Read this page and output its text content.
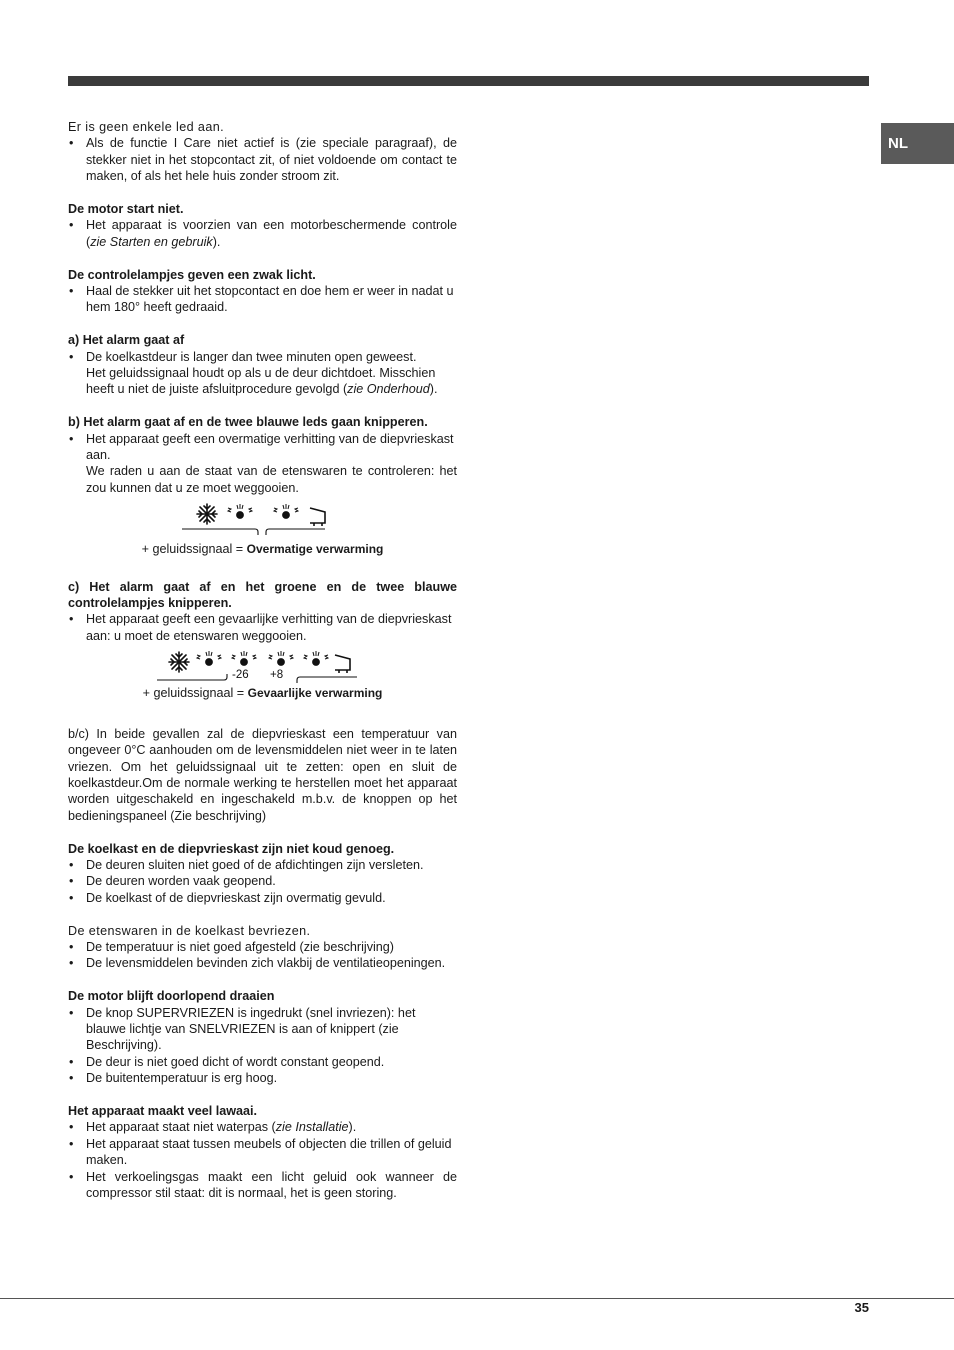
NL
Er is geen enkele led aan.
• Als de functie I Care niet actief is (zie speciale paragraaf), de stekker niet in het stopcontact zit, of niet voldoende om contact te maken, of als het hele huis zonder stroom zit.
De motor start niet.
• Het apparaat is voorzien van een motorbeschermende controle (zie Starten en gebruik).
De controlelampjes geven een zwak licht.
• Haal de stekker uit het stopcontact en doe hem er weer in nadat u hem 180° heeft gedraaid.
a) Het alarm gaat af
• De koelkastdeur is langer dan twee minuten open geweest.
Het geluidssignaal houdt op als u de deur dichtdoet. Misschien heeft u niet de juiste afsluitprocedure gevolgd (zie Onderhoud).
b) Het alarm gaat af en de twee blauwe leds gaan knipperen.
• Het apparaat geeft een overmatige verhitting van de diepvrieskast aan.
We raden u aan de staat van de etenswaren te controleren: het zou kunnen dat u ze moet weggooien.
+ geluidssignaal = Overmatige verwarming
c) Het alarm gaat af en het groene en de twee blauwe controlelampjes knipperen.
• Het apparaat geeft een gevaarlijke verhitting van de diepvrieskast aan: u moet de etenswaren weggooien.
-26 +8
+ geluidssignaal = Gevaarlijke verwarming
b/c) In beide gevallen zal de diepvrieskast een temperatuur van ongeveer 0°C aanhouden om de levensmiddelen niet weer in te laten vriezen. Om het geluidssignaal uit te zetten: open en sluit de koelkastdeur.Om de normale werking te herstellen moet het apparaat worden uitgeschakeld en ingeschakeld m.b.v. de knoppen op het bedieningspaneel (Zie beschrijving)
De koelkast en de diepvrieskast zijn niet koud genoeg.
• De deuren sluiten niet goed of de afdichtingen zijn versleten.
• De deuren worden vaak geopend.
• De koelkast of de diepvrieskast zijn overmatig gevuld.
De etenswaren in de koelkast bevriezen.
• De temperatuur is niet goed afgesteld (zie beschrijving)
• De levensmiddelen bevinden zich vlakbij de ventilatieopeningen.
De motor blijft doorlopend draaien
• De knop SUPERVRIEZEN is ingedrukt (snel invriezen): het blauwe lichtje van SNELVRIEZEN is aan of knippert (zie Beschrijving).
• De deur is niet goed dicht of wordt constant geopend.
• De buitentemperatuur is erg hoog.
Het apparaat maakt veel lawaai.
• Het apparaat staat niet waterpas (zie Installatie).
• Het apparaat staat tussen meubels of objecten die trillen of geluid maken.
• Het verkoelingsgas maakt een licht geluid ook wanneer de compressor stil staat: dit is normaal, het is geen storing.
35
